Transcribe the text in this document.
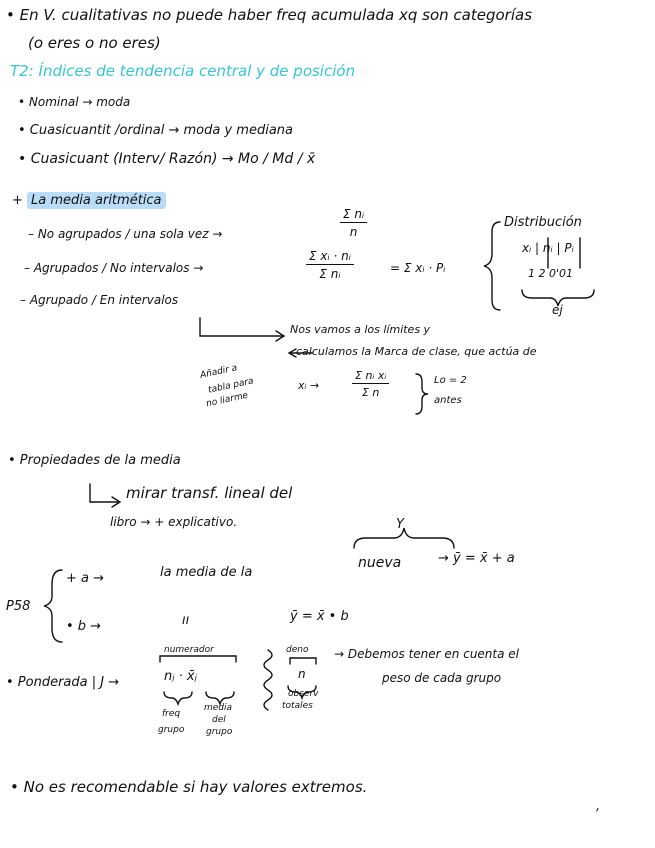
• En V. cualitativas no puede haber freq acumulada xq son categorías
(o eres o no eres)
T2: Índices de tendencia central y de posición
• Nominal → moda
• Cuasicuantit /ordinal → moda y mediana
• Cuasicuant (Interv/ Razón) → Mo / Md / x̄
+ La media aritmética
– No agrupados / una sola vez →	$\frac{\text{Σ nᵢ}}{n}$
– Agrupados / No intervalos →	$\frac{\text{Σ xᵢ · nᵢ}}{\text{Σ nᵢ}}$	= Σ xᵢ · Pᵢ
– Agrupado / En intervalos
Distribución
xᵢ | nᵢ | Pᵢ
1 2 0'01
ej
Nos vamos a los límites y
calculamos la Marca de clase, que actúa de
Añadir a
tabla para
no liarme
xᵢ →	$\frac{\text{Σ nᵢ xᵢ}}{\text{Σ n}}$	Lo = 2
antes
• Propiedades de la media
mirar transf. lineal del
libro → + explicativo.	Y
P58
+ a →	la media de la
nueva	→ ȳ = x̄ + a
• b →	ıı	ȳ = x̄ • b
• Ponderada | J →
numerador
nⱼ · x̄ⱼ
freq
grupo
media
del
grupo
deno
n
observ
totales
→ Debemos tener en cuenta el
peso de cada grupo
• No es recomendable si hay valores extremos.
,
